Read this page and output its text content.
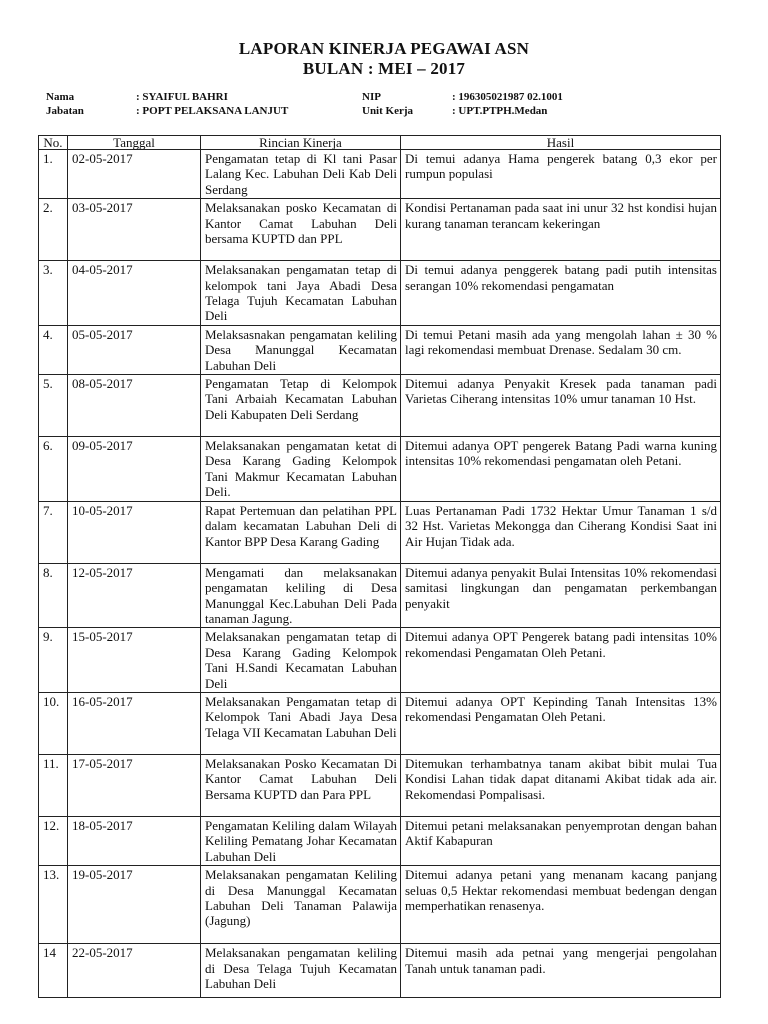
LAPORAN KINERJA PEGAWAI ASN
BULAN : MEI – 2017
Nama	: SYAIFUL BAHRI
Jabatan	: POPT PELAKSANA LANJUT
NIP	: 196305021987 02.1001
Unit Kerja	: UPT.PTPH.Medan
No.	Tanggal	Rincian Kinerja	Hasil
1.	02-05-2017	Pengamatan tetap di Kl tani Pasar Lalang Kec. Labuhan Deli Kab Deli Serdang	Di temui adanya Hama pengerek batang 0,3 ekor per rumpun populasi
2.	03-05-2017	Melaksanakan posko Kecamatan di Kantor Camat Labuhan Deli bersama KUPTD dan PPL	Kondisi Pertanaman pada saat ini unur 32 hst kondisi hujan kurang tanaman terancam kekeringan
3.	04-05-2017	Melaksanakan pengamatan tetap di kelompok tani Jaya Abadi Desa Telaga Tujuh Kecamatan Labuhan Deli	Di temui adanya penggerek batang padi putih intensitas serangan 10% rekomendasi pengamatan
4.	05-05-2017	Melaksasnakan pengamatan keliling Desa Manunggal Kecamatan Labuhan Deli	Di temui Petani masih ada yang mengolah lahan ± 30 % lagi rekomendasi membuat Drenase. Sedalam 30 cm.
5.	08-05-2017	Pengamatan Tetap di Kelompok Tani Arbaiah Kecamatan Labuhan Deli Kabupaten Deli Serdang	Ditemui adanya Penyakit Kresek pada tanaman padi Varietas Ciherang intensitas 10% umur tanaman 10 Hst.
6.	09-05-2017	Melaksanakan pengamatan ketat di Desa Karang Gading Kelompok Tani Makmur Kecamatan Labuhan Deli.	Ditemui adanya OPT pengerek Batang Padi warna kuning intensitas 10% rekomendasi pengamatan oleh Petani.
7.	10-05-2017	Rapat Pertemuan dan pelatihan PPL dalam kecamatan Labuhan Deli di Kantor BPP Desa Karang Gading	Luas Pertanaman Padi 1732 Hektar Umur Tanaman 1 s/d 32 Hst. Varietas Mekongga dan Ciherang Kondisi Saat ini Air Hujan Tidak ada.
8.	12-05-2017	Mengamati dan melaksanakan pengamatan keliling di Desa Manunggal Kec.Labuhan Deli Pada tanaman Jagung.	Ditemui adanya penyakit Bulai Intensitas 10% rekomendasi samitasi lingkungan dan pengamatan perkembangan penyakit
9.	15-05-2017	Melaksanakan pengamatan tetap di Desa Karang Gading Kelompok Tani H.Sandi Kecamatan Labuhan Deli	Ditemui adanya OPT Pengerek batang padi intensitas 10% rekomendasi Pengamatan Oleh Petani.
10.	16-05-2017	Melaksanakan Pengamatan tetap di Kelompok Tani Abadi Jaya Desa Telaga VII Kecamatan Labuhan Deli	Ditemui adanya OPT Kepinding Tanah Intensitas 13% rekomendasi Pengamatan Oleh Petani.
11.	17-05-2017	Melaksanakan Posko Kecamatan Di Kantor Camat Labuhan Deli Bersama KUPTD dan Para PPL	Ditemukan terhambatnya tanam akibat bibit mulai Tua Kondisi Lahan tidak dapat ditanami Akibat tidak ada air. Rekomendasi Pompalisasi.
12.	18-05-2017	Pengamatan Keliling dalam Wilayah Keliling Pematang Johar Kecamatan Labuhan Deli	Ditemui petani melaksanakan penyemprotan dengan bahan Aktif Kabapuran
13.	19-05-2017	Melaksanakan pengamatan Keliling di Desa Manunggal Kecamatan Labuhan Deli Tanaman Palawija (Jagung)	Ditemui adanya petani yang menanam kacang panjang seluas 0,5 Hektar rekomendasi membuat bedengan dengan memperhatikan renasenya.
14	22-05-2017	Melaksanakan pengamatan keliling di Desa Telaga Tujuh Kecamatan Labuhan Deli	Ditemui masih ada petnai yang mengerjai pengolahan Tanah untuk tanaman padi.
